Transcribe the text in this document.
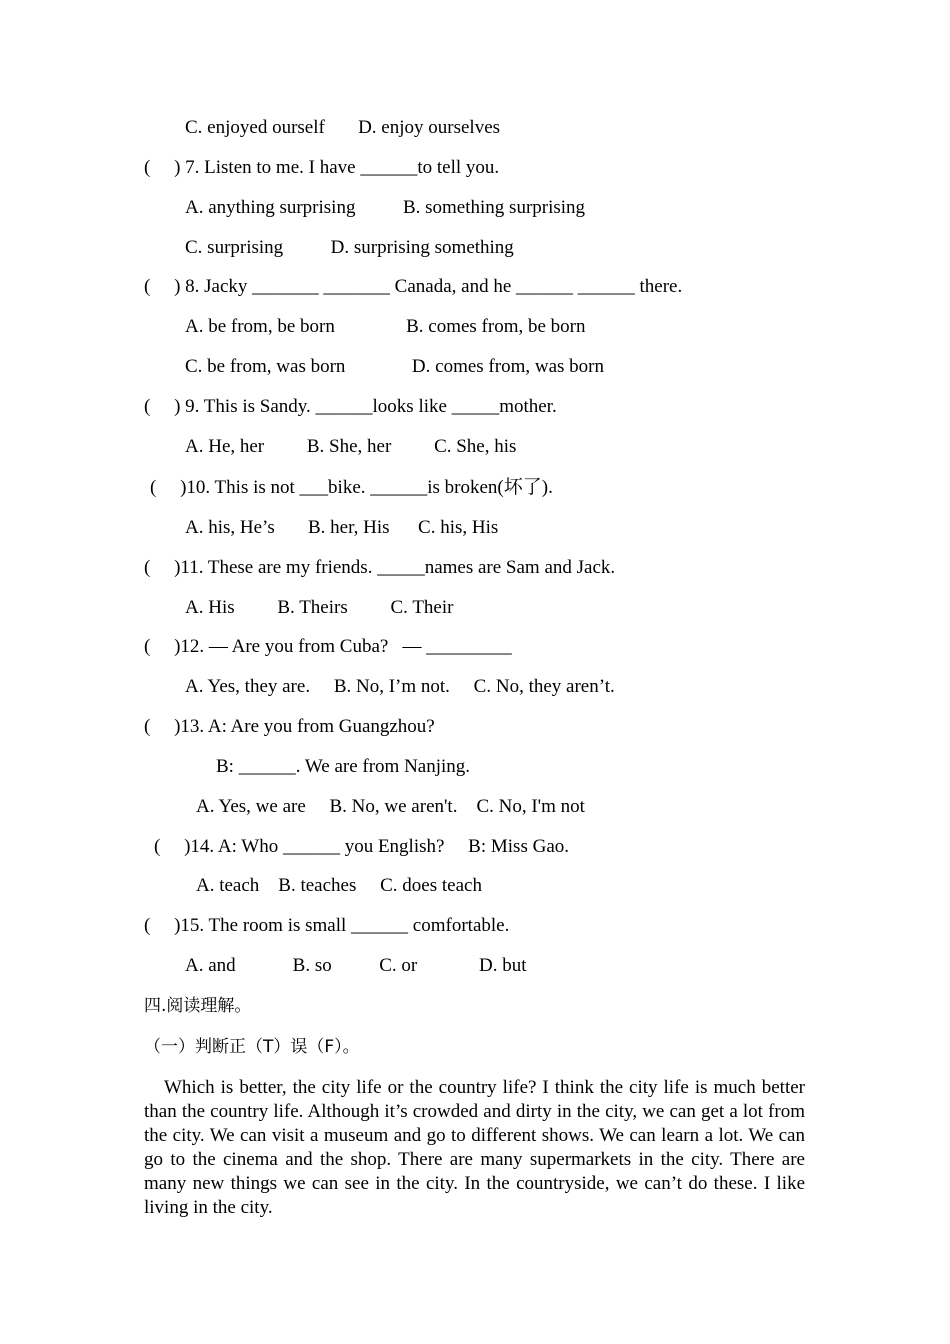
C. enjoyed ourself       D. enjoy ourselves
(     ) 7. Listen to me. I have ______to tell you.
A. anything surprising          B. something surprising
C. surprising          D. surprising something
(     ) 8. Jacky _______ _______ Canada, and he ______ ______ there.
A. be from, be born               B. comes from, be born
C. be from, was born              D. comes from, was born
(     ) 9. This is Sandy. ______looks like _____mother.
A. He, her         B. She, her         C. She, his
(     )10. This is not ___bike. ______is broken(坏了).
A. his, He’s       B. her, His      C. his, His
(     )11. These are my friends. _____names are Sam and Jack.
A. His         B. Theirs         C. Their
(     )12. — Are you from Cuba?   — _________
A. Yes, they are.     B. No, I’m not.     C. No, they aren’t.
(     )13. A: Are you from Guangzhou?
B: ______. We are from Nanjing.
A. Yes, we are     B. No, we aren't.    C. No, I'm not
(     )14. A: Who ______ you English?     B: Miss Gao.
A. teach    B. teaches     C. does teach
(     )15. The room is small ______ comfortable.
A. and            B. so          C. or             D. but
四.阅读理解。
（一）判断正（T）误（F）。
Which is better, the city life or the country life? I think the city life is much better than the country life. Although it’s crowded and dirty in the city, we can get a lot from the city. We can visit a museum and go to different shows. We can learn a lot. We can go to the cinema and the shop. There are many supermarkets in the city. There are many new things we can see in the city. In the countryside, we can’t do these. I like living in the city.
